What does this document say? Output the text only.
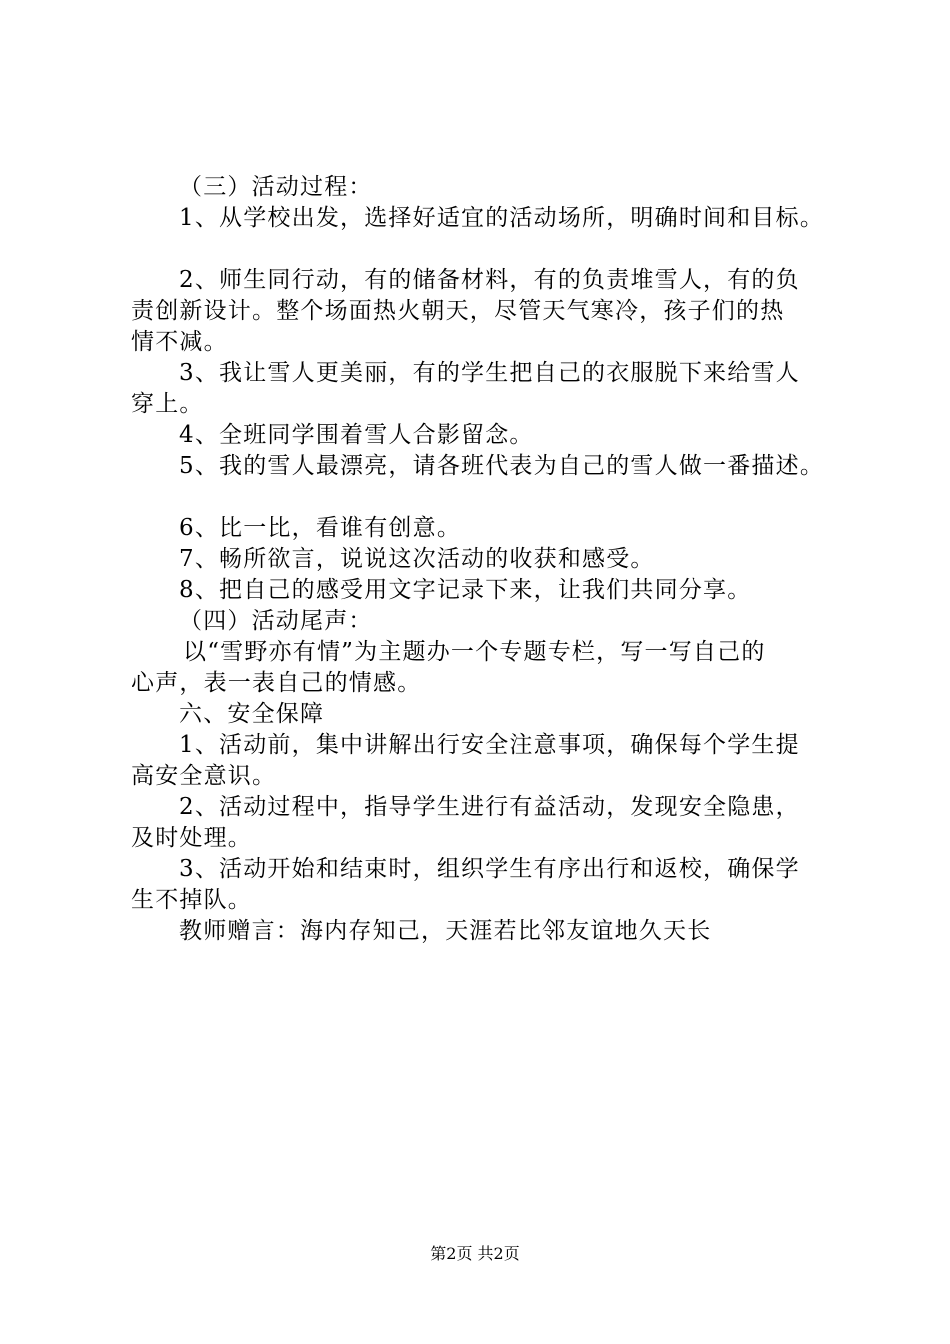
（三）活动过程：
1、从学校出发，选择好适宜的活动场所，明确时间和目标。
2、师生同行动，有的储备材料，有的负责堆雪人，有的负
责创新设计。整个场面热火朝天，尽管天气寒冷，孩子们的热
情不减。
3、我让雪人更美丽，有的学生把自己的衣服脱下来给雪人
穿上。
4、全班同学围着雪人合影留念。
5、我的雪人最漂亮，请各班代表为自己的雪人做一番描述。
6、比一比，看谁有创意。
7、畅所欲言，说说这次活动的收获和感受。
8、把自己的感受用文字记录下来，让我们共同分享。
（四）活动尾声：
以“雪野亦有情”为主题办一个专题专栏，写一写自己的
心声，表一表自己的情感。
六、安全保障
1、活动前，集中讲解出行安全注意事项，确保每个学生提
高安全意识。
2、活动过程中，指导学生进行有益活动，发现安全隐患，
及时处理。
3、活动开始和结束时，组织学生有序出行和返校，确保学
生不掉队。
教师赠言：海内存知己，天涯若比邻友谊地久天长
第2页 共2页
